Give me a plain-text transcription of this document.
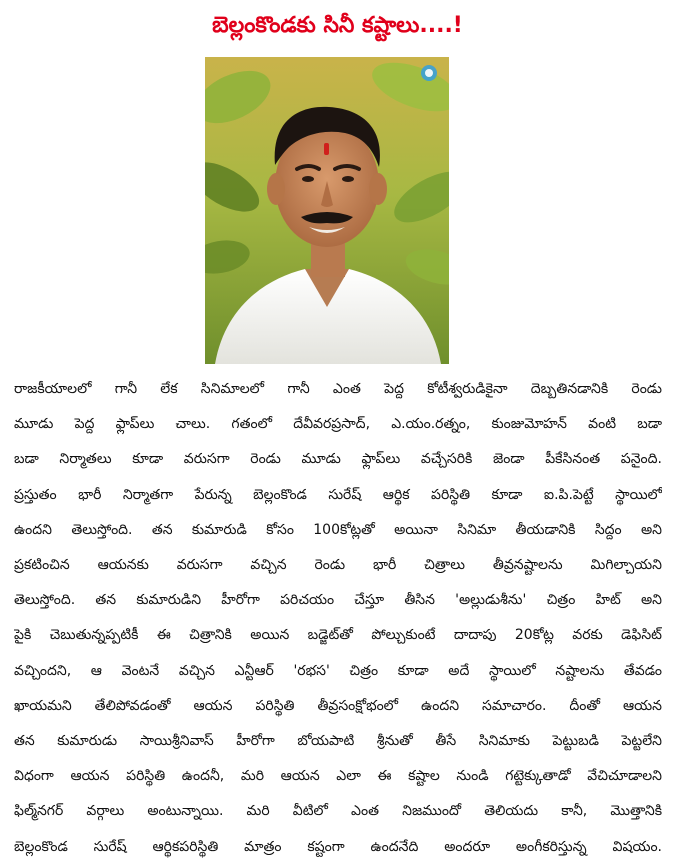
బెల్లంకొండకు సినీ కష్టాలు....!
రాజకీయాలలో గానీ లేక సినిమాలలో గానీ ఎంత పెద్ద కోటీశ్వరుడికైనా దెబ్బతినడానికి రెండు
మూడు పెద్ద ఫ్లాప్‌లు చాలు. గతంలో దేవీవరప్రసాద్, ఎ.యం.రత్నం, కుంజుమోహన్ వంటి బడా
బడా నిర్మాతలు కూడా వరుసగా రెండు మూడు ఫ్లాప్‌లు వచ్చేసరికి జెండా పీకేసినంత పనైంది.
ప్రస్తుతం భారీ నిర్మాతగా పేరున్న బెల్లంకొండ సురేష్ ఆర్థిక పరిస్థితి కూడా ఐ.పి.పెట్టే స్థాయిలో
ఉందని తెలుస్తోంది. తన కుమారుడి కోసం 100కోట్లతో అయినా సినిమా తీయడానికి సిద్దం అని
ప్రకటించిన ఆయనకు వరుసగా వచ్చిన రెండు భారీ చిత్రాలు తీవ్రనష్టాలను మిగిల్చాయని
తెలుస్తోంది. తన కుమారుడిని హీరోగా పరిచయం చేస్తూ తీసిన 'అల్లుడుశీను' చిత్రం హిట్ అని
పైకి చెబుతున్నప్పటికీ ఈ చిత్రానికి అయిన బడ్జెట్‌తో పోల్చుకుంటే దాదాపు 20కోట్ల వరకు డెఫిసిట్
వచ్చిందని, ఆ వెంటనే వచ్చిన ఎన్టీఆర్ 'రభస' చిత్రం కూడా అదే స్థాయిలో నష్టాలను తేవడం
ఖాయమని తేలిపోవడంతో ఆయన పరిస్థితి తీవ్రసంక్షోభంలో ఉందని సమాచారం. దీంతో ఆయన
తన కుమారుడు సాయిశ్రీనివాస్ హీరోగా బోయపాటి శ్రీనుతో తీసే సినిమాకు పెట్టుబడి పెట్టలేని
విధంగా ఆయన పరిస్థితి ఉందనీ, మరి ఆయన ఎలా ఈ కష్టాల నుండి గట్టెక్కుతాడో వేచిచూడాలని
ఫిల్మ్‌నగర్ వర్గాలు అంటున్నాయి. మరి వీటిలో ఎంత నిజముందో తెలియదు కానీ, మొత్తానికి
బెల్లంకొండ సురేష్ ఆర్థికపరిస్థితి మాత్రం కష్టంగా ఉందనేది అందరూ అంగీకరిస్తున్న విషయం.
